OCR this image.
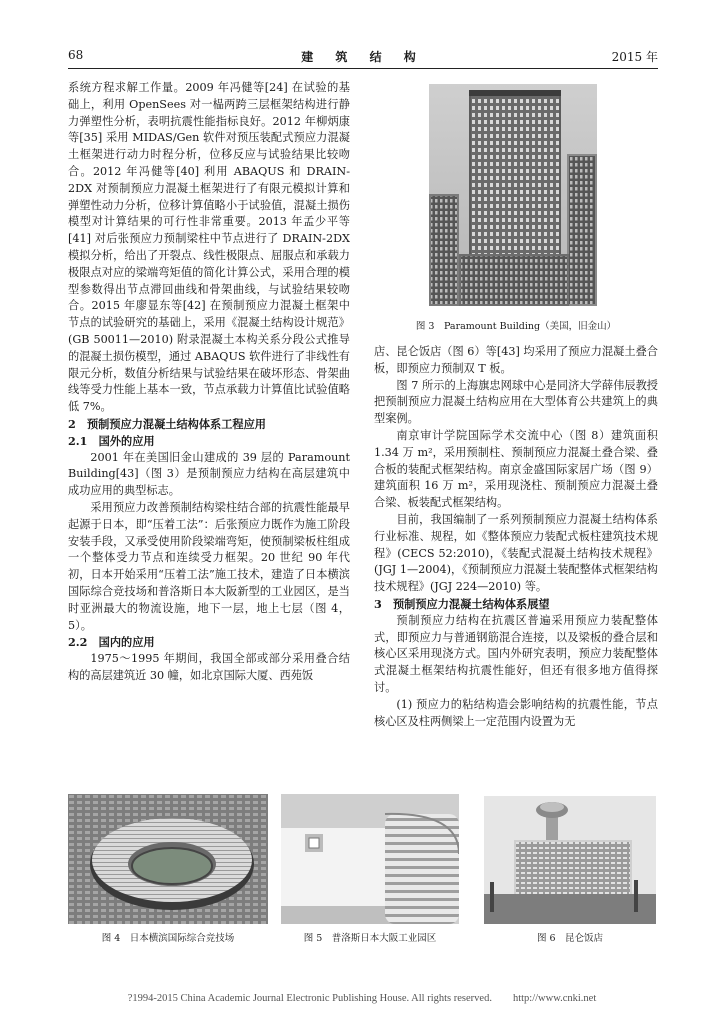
68	建 筑 结 构	2015 年

系统方程求解工作量。2009 年冯健等[24] 在试验的基础上，利用 OpenSees 对一榀两跨三层框架结构进行静力弹塑性分析，表明抗震性能指标良好。2012 年柳炳康等[35] 采用 MIDAS/Gen 软件对预压装配式预应力混凝土框架进行动力时程分析，位移反应与试验结果比较吻合。2012 年冯健等[40] 利用 ABAQUS 和 DRAIN-2DX 对预制预应力混凝土框架进行了有限元模拟计算和弹塑性动力分析，位移计算值略小于试验值，混凝土损伤模型对计算结果的可行性非常重要。2013 年孟少平等[41] 对后张预应力预制梁柱中节点进行了 DRAIN-2DX 模拟分析，给出了开裂点、线性极限点、屈服点和承载力极限点对应的梁端弯矩值的简化计算公式，采用合理的模型参数得出节点滞回曲线和骨架曲线，与试验结果较吻合。2015 年廖显东等[42] 在预制预应力混凝土框架中节点的试验研究的基础上，采用《混凝土结构设计规范》(GB 50011—2010) 附录混凝土本构关系分段公式推导的混凝土损伤模型，通过 ABAQUS 软件进行了非线性有限元分析，数值分析结果与试验结果在破坏形态、骨架曲线等受力性能上基本一致，节点承载力计算值比试验值略低 7%。

2　预制预应力混凝土结构体系工程应用
2.1　国外的应用

2001 年在美国旧金山建成的 39 层的 Paramount Building[43]（图 3）是预制预应力结构在高层建筑中成功应用的典型标志。

采用预应力改善预制结构梁柱结合部的抗震性能最早起源于日本，即“压着工法”：后张预应力既作为施工阶段安装手段，又承受使用阶段梁端弯矩，使预制梁板柱组成一个整体受力节点和连续受力框架。20 世纪 90 年代初，日本开始采用“压着工法”施工技术，建造了日本横滨国际综合竞技场和普洛斯日本大阪新型的工业园区，是当时亚洲最大的物流设施，地下一层，地上七层（图 4，5）。

2.2　国内的应用

1975～1995 年期间，我国全部或部分采用叠合结构的高层建筑近 30 幢，如北京国际大厦、西苑饭

店、昆仑饭店（图 6）等[43] 均采用了预应力混凝土叠合板，即预应力预制双 T 板。

图 7 所示的上海旗忠网球中心是同济大学薛伟辰教授把预制预应力混凝土结构应用在大型体育公共建筑上的典型案例。

南京审计学院国际学术交流中心（图 8）建筑面积 1.34 万 m²，采用预制柱、预制预应力混凝土叠合梁、叠合板的装配式框架结构。南京金盛国际家居广场（图 9）建筑面积 16 万 m²，采用现浇柱、预制预应力混凝土叠合梁、板装配式框架结构。

目前，我国编制了一系列预制预应力混凝土结构体系行业标准、规程，如《整体预应力装配式板柱建筑技术规程》(CECS 52:2010)，《装配式混凝土结构技术规程》(JGJ 1—2004)，《预制预应力混凝土装配整体式框架结构技术规程》(JGJ 224—2010) 等。

3　预制预应力混凝土结构体系展望

预制预应力结构在抗震区普遍采用预应力装配整体式，即预应力与普通钢筋混合连接，以及梁板的叠合层和核心区采用现浇方式。国内外研究表明，预应力装配整体式混凝土框架结构抗震性能好，但还有很多地方值得探讨。

(1) 预应力的粘结构造会影响结构的抗震性能，节点核心区及柱两侧梁上一定范围内设置为无

图 3　Paramount Building（美国，旧金山）
图 4　日本横滨国际综合竞技场	图 5　普洛斯日本大阪工业园区	图 6　昆仑饭店
?1994-2015 China Academic Journal Electronic Publishing House. All rights reserved.　　http://www.cnki.net
